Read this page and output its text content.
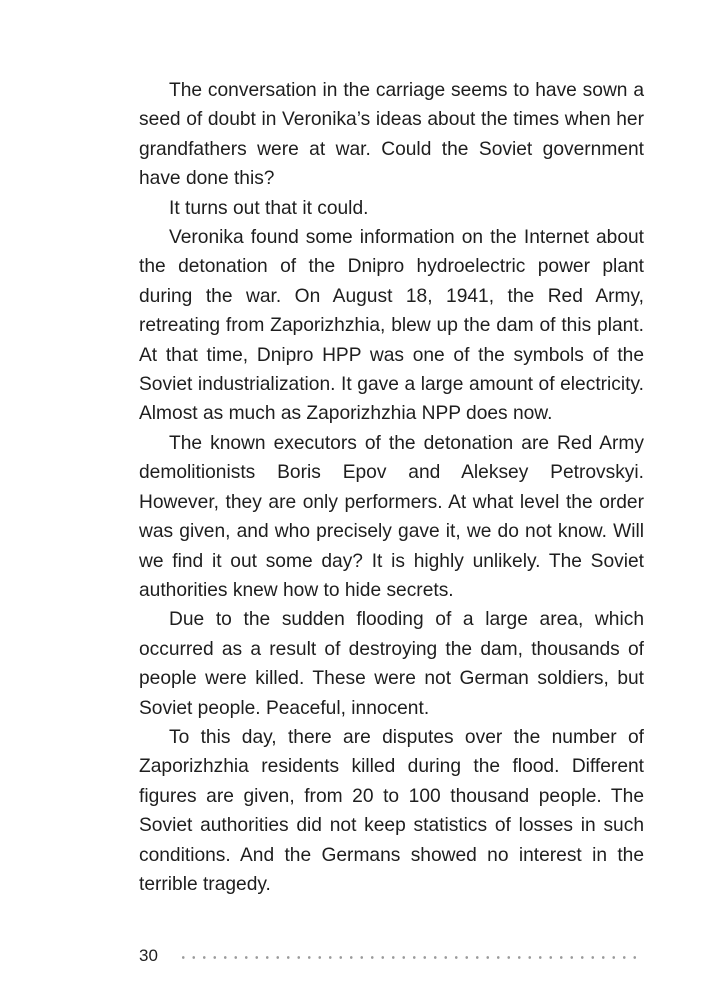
The conversation in the carriage seems to have sown a seed of doubt in Veronika’s ideas about the times when her grandfathers were at war. Could the Soviet government have done this?

It turns out that it could.

Veronika found some information on the Internet about the detonation of the Dnipro hydroelectric power plant during the war. On August 18, 1941, the Red Army, retreating from Zaporizhzhia, blew up the dam of this plant. At that time, Dnipro HPP was one of the symbols of the Soviet industrialization. It gave a large amount of electricity. Almost as much as Zaporizhzhia NPP does now.

The known executors of the detonation are Red Army demolitionists Boris Epov and Aleksey Petrovskyi. However, they are only performers. At what level the order was given, and who precisely gave it, we do not know. Will we find it out some day? It is highly unlikely. The Soviet authorities knew how to hide secrets.

Due to the sudden flooding of a large area, which occurred as a result of destroying the dam, thousands of people were killed. These were not German soldiers, but Soviet people. Peaceful, innocent.

To this day, there are disputes over the number of Zaporizhzhia residents killed during the flood. Different figures are given, from 20 to 100 thousand people. The Soviet authorities did not keep statistics of losses in such conditions. And the Germans showed no interest in the terrible tragedy.

30
